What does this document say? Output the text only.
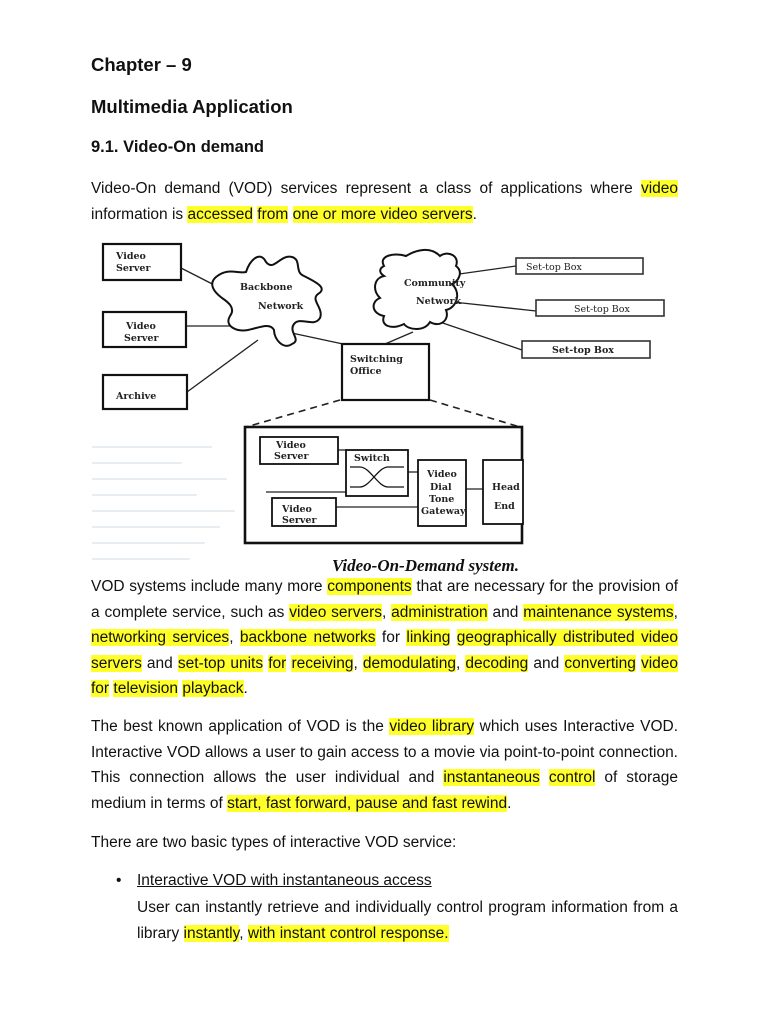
Chapter – 9
Multimedia Application
9.1. Video-On demand
Video-On demand (VOD) services represent a class of applications where video information is accessed from one or more video servers.
Video
Server
Video
Server
Archive
Backbone
Network
Community
Network
Set-top Box
Set-top Box
Set-top Box
Switching
Office
Video
Server
Video
Server
Switch
Video
Dial
Tone
Gateway
Head
End
Video-On-Demand system.
VOD systems include many more components that are necessary for the provision of a complete service, such as video servers, administration and maintenance systems, networking services, backbone networks for linking geographically distributed video servers and set-top units for receiving, demodulating, decoding and converting video for television playback.
The best known application of VOD is the video library which uses Interactive VOD. Interactive VOD allows a user to gain access to a movie via point-to-point connection. This connection allows the user individual and instantaneous control of storage medium in terms of start, fast forward, pause and fast rewind.
There are two basic types of interactive VOD service:
• Interactive VOD with instantaneous access
User can instantly retrieve and individually control program information from a library instantly, with instant control response.
